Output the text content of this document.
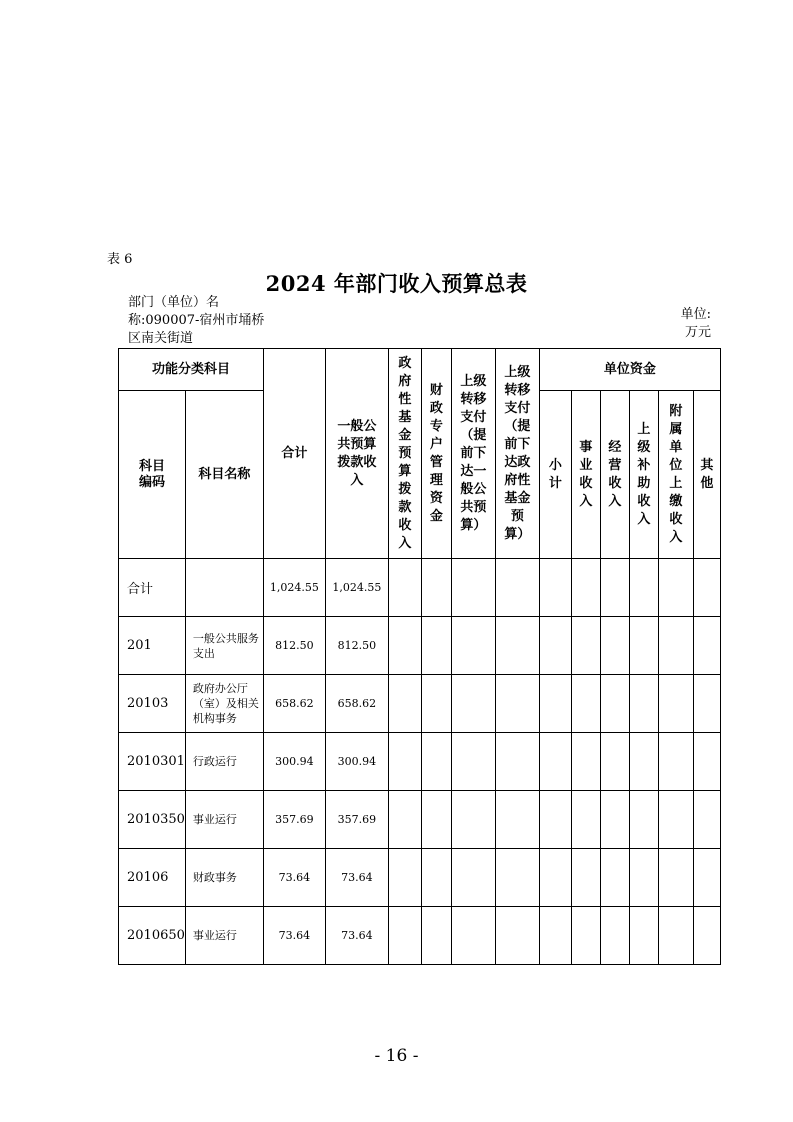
表 6
2024 年部门收入预算总表
部门（单位）名称:090007-宿州市埇桥区南关街道
单位:
万元
功能分类科目		合计	一般公共预算拨款收入	政府性基金预算拨款收入	财政专户管理资金	上级转移支付（提前下达一般公共预算）	上级转移支付（提前下达政府性基金预算）	单位资金					

科目编码	科目名称							小计	事业收入	经营收入	上级补助收入	附属单位上缴收入	其他
合计		1,024.55	1,024.55										
201	一般公共服务支出	812.50	812.50										
20103	政府办公厅（室）及相关机构事务	658.62	658.62										
2010301	行政运行	300.94	300.94										
2010350	事业运行	357.69	357.69										
20106	财政事务	73.64	73.64										
2010650	事业运行	73.64	73.64										
- 16 -
